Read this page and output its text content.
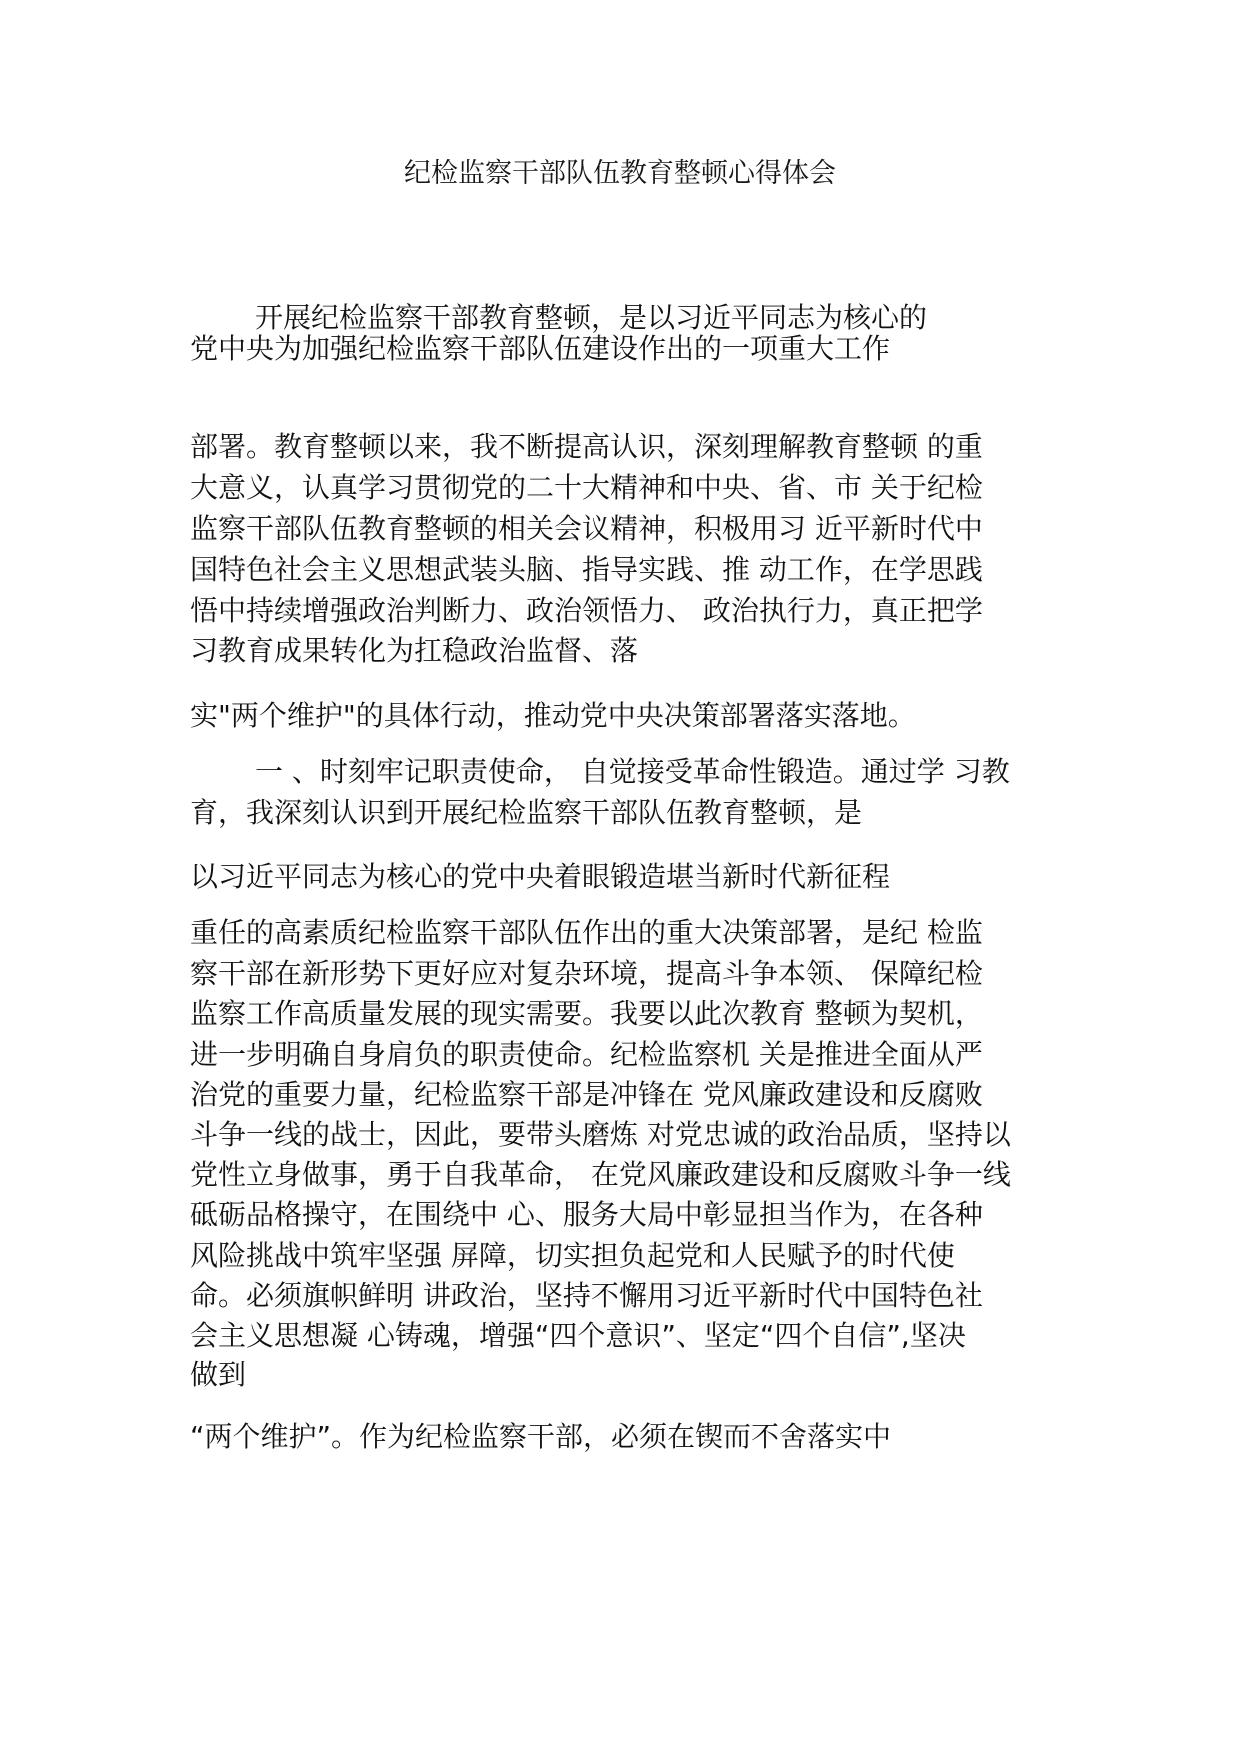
纪检监察干部队伍教育整顿心得体会
开展纪检监察干部教育整顿，是以习近平同志为核心的
党中央为加强纪检监察干部队伍建设作出的一项重大工作
部署。教育整顿以来，我不断提高认识，深刻理解教育整顿 的重
大意义，认真学习贯彻党的二十大精神和中央、省、市 关于纪检
监察干部队伍教育整顿的相关会议精神，积极用习 近平新时代中
国特色社会主义思想武装头脑、指导实践、推 动工作，在学思践
悟中持续增强政治判断力、政治领悟力、 政治执行力，真正把学
习教育成果转化为扛稳政治监督、落
实"两个维护"的具体行动，推动党中央决策部署落实落地。
一 、时刻牢记职责使命， 自觉接受革命性锻造。通过学 习教
育，我深刻认识到开展纪检监察干部队伍教育整顿，是
以习近平同志为核心的党中央着眼锻造堪当新时代新征程
重任的高素质纪检监察干部队伍作出的重大决策部署，是纪 检监
察干部在新形势下更好应对复杂环境，提高斗争本领、 保障纪检
监察工作高质量发展的现实需要。我要以此次教育 整顿为契机，
进一步明确自身肩负的职责使命。纪检监察机 关是推进全面从严
治党的重要力量，纪检监察干部是冲锋在 党风廉政建设和反腐败
斗争一线的战士，因此，要带头磨炼 对党忠诚的政治品质，坚持以
党性立身做事，勇于自我革命， 在党风廉政建设和反腐败斗争一线
砥砺品格操守，在围绕中 心、服务大局中彰显担当作为，在各种
风险挑战中筑牢坚强 屏障，切实担负起党和人民赋予的时代使
命。必须旗帜鲜明 讲政治，坚持不懈用习近平新时代中国特色社
会主义思想凝 心铸魂，增强“四个意识”、坚定“四个自信”,坚决
做到
“两个维护”。作为纪检监察干部，必须在锲而不舍落实中
